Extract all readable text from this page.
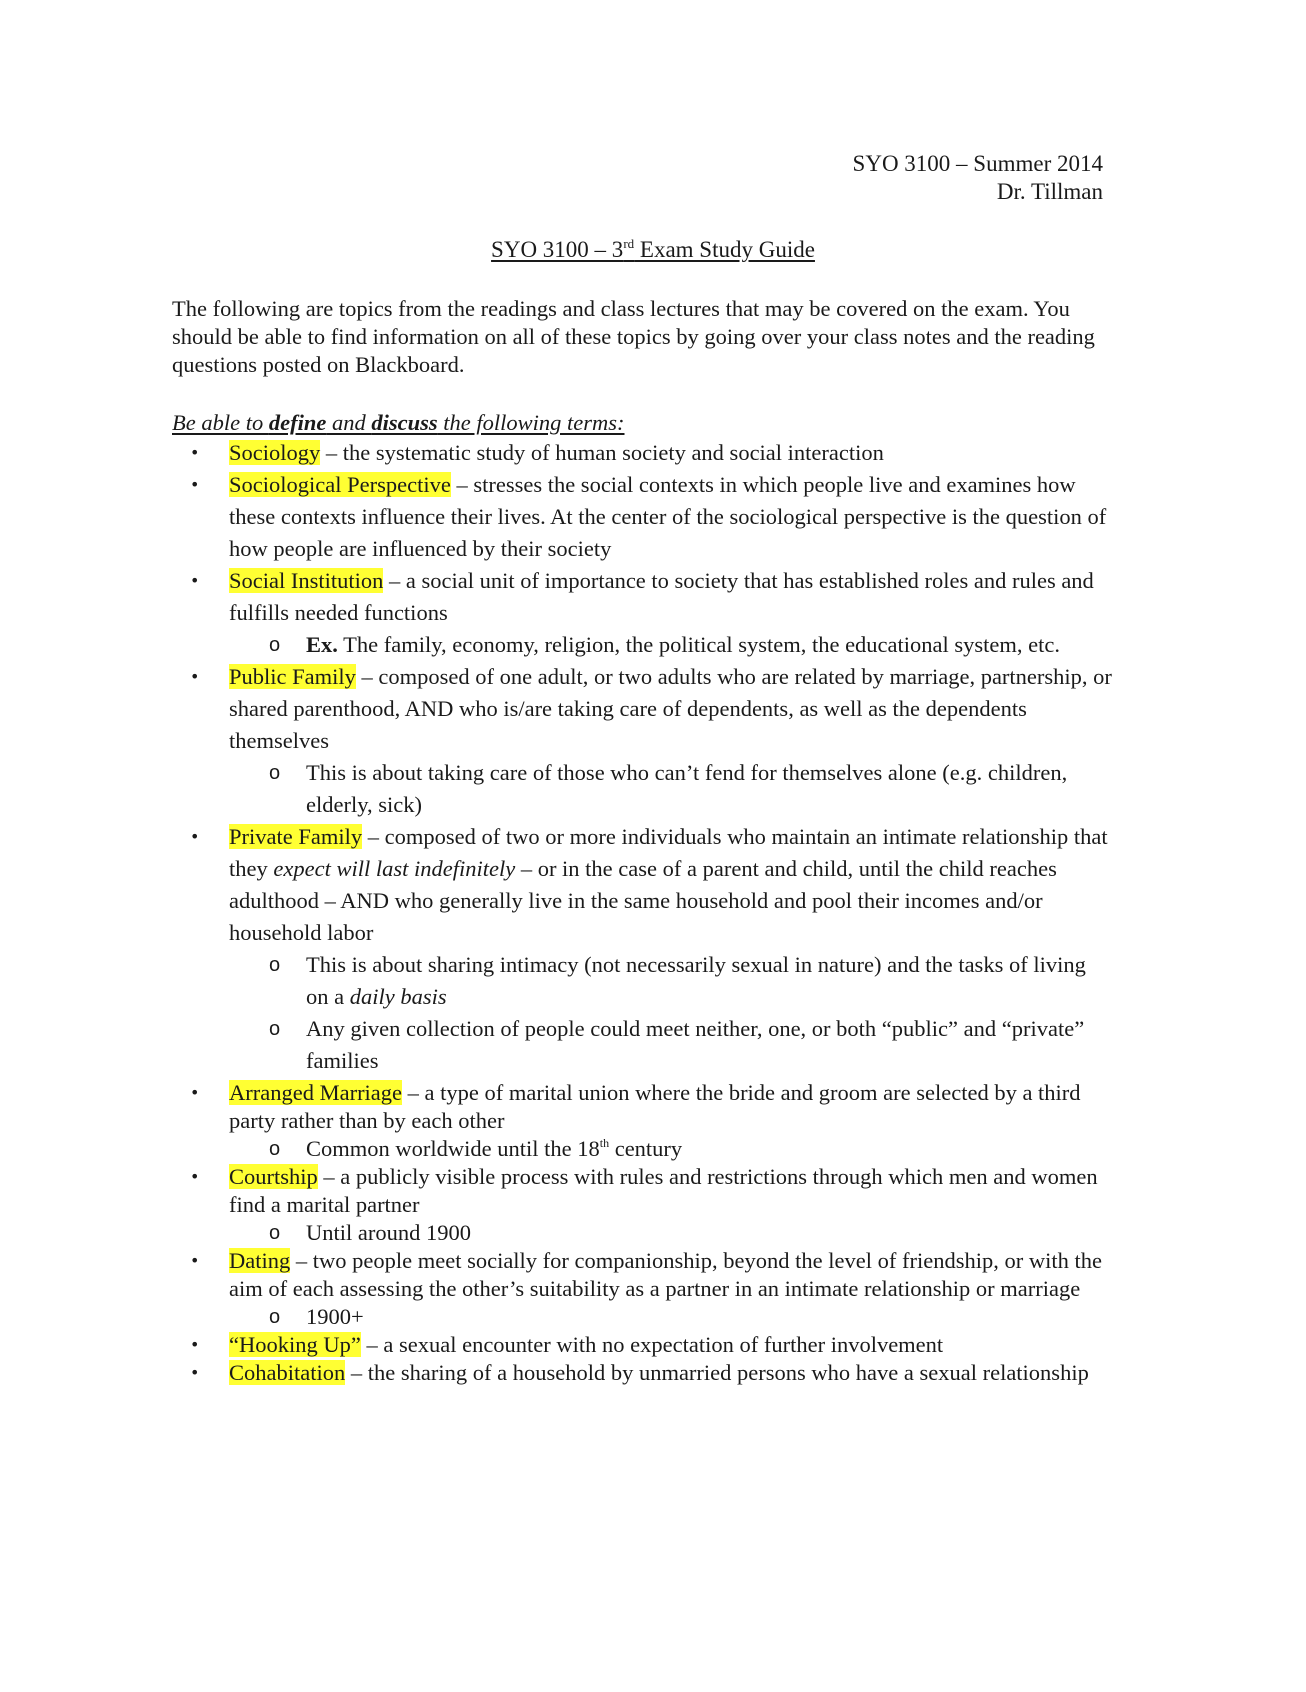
SYO 3100 – Summer 2014
Dr. Tillman
SYO 3100 – 3rd Exam Study Guide
The following are topics from the readings and class lectures that may be covered on the exam. You should be able to find information on all of these topics by going over your class notes and the reading questions posted on Blackboard.
Be able to define and discuss the following terms:
• Sociology – the systematic study of human society and social interaction
• Sociological Perspective – stresses the social contexts in which people live and examines how these contexts influence their lives. At the center of the sociological perspective is the question of how people are influenced by their society
• Social Institution – a social unit of importance to society that has established roles and rules and fulfills needed functions
o Ex. The family, economy, religion, the political system, the educational system, etc.
• Public Family – composed of one adult, or two adults who are related by marriage, partnership, or shared parenthood, AND who is/are taking care of dependents, as well as the dependents themselves
o This is about taking care of those who can’t fend for themselves alone (e.g. children, elderly, sick)
• Private Family – composed of two or more individuals who maintain an intimate relationship that they expect will last indefinitely – or in the case of a parent and child, until the child reaches adulthood – AND who generally live in the same household and pool their incomes and/or household labor
o This is about sharing intimacy (not necessarily sexual in nature) and the tasks of living on a daily basis
o Any given collection of people could meet neither, one, or both “public” and “private” families
• Arranged Marriage – a type of marital union where the bride and groom are selected by a third party rather than by each other
o Common worldwide until the 18th century
• Courtship – a publicly visible process with rules and restrictions through which men and women find a marital partner
o Until around 1900
• Dating – two people meet socially for companionship, beyond the level of friendship, or with the aim of each assessing the other’s suitability as a partner in an intimate relationship or marriage
o 1900+
• “Hooking Up” – a sexual encounter with no expectation of further involvement
• Cohabitation – the sharing of a household by unmarried persons who have a sexual relationship
